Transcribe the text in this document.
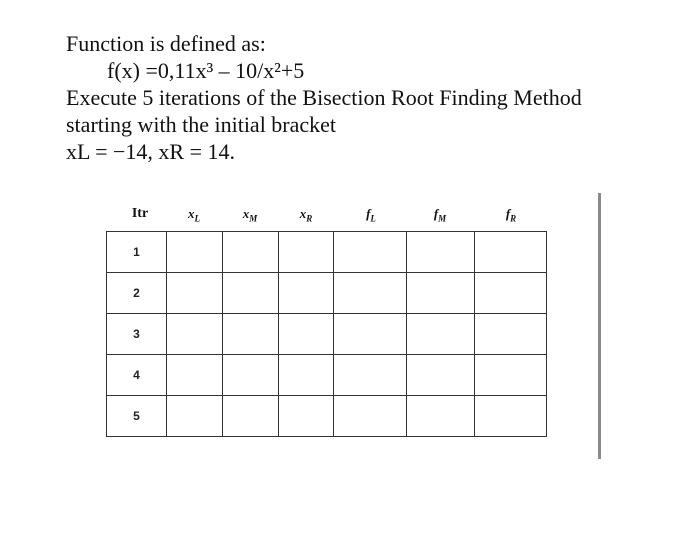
Function is defined as:
f(x) =0,11x³ – 10/x²+5
Execute 5 iterations of the Bisection Root Finding Method
starting with the initial bracket
xL = −14, xR = 14.
Itr	$x_L$	$x_M$	$x_R$	$f_L$	$f_M$	$f_R$
1						
2						
3						
4						
5						
